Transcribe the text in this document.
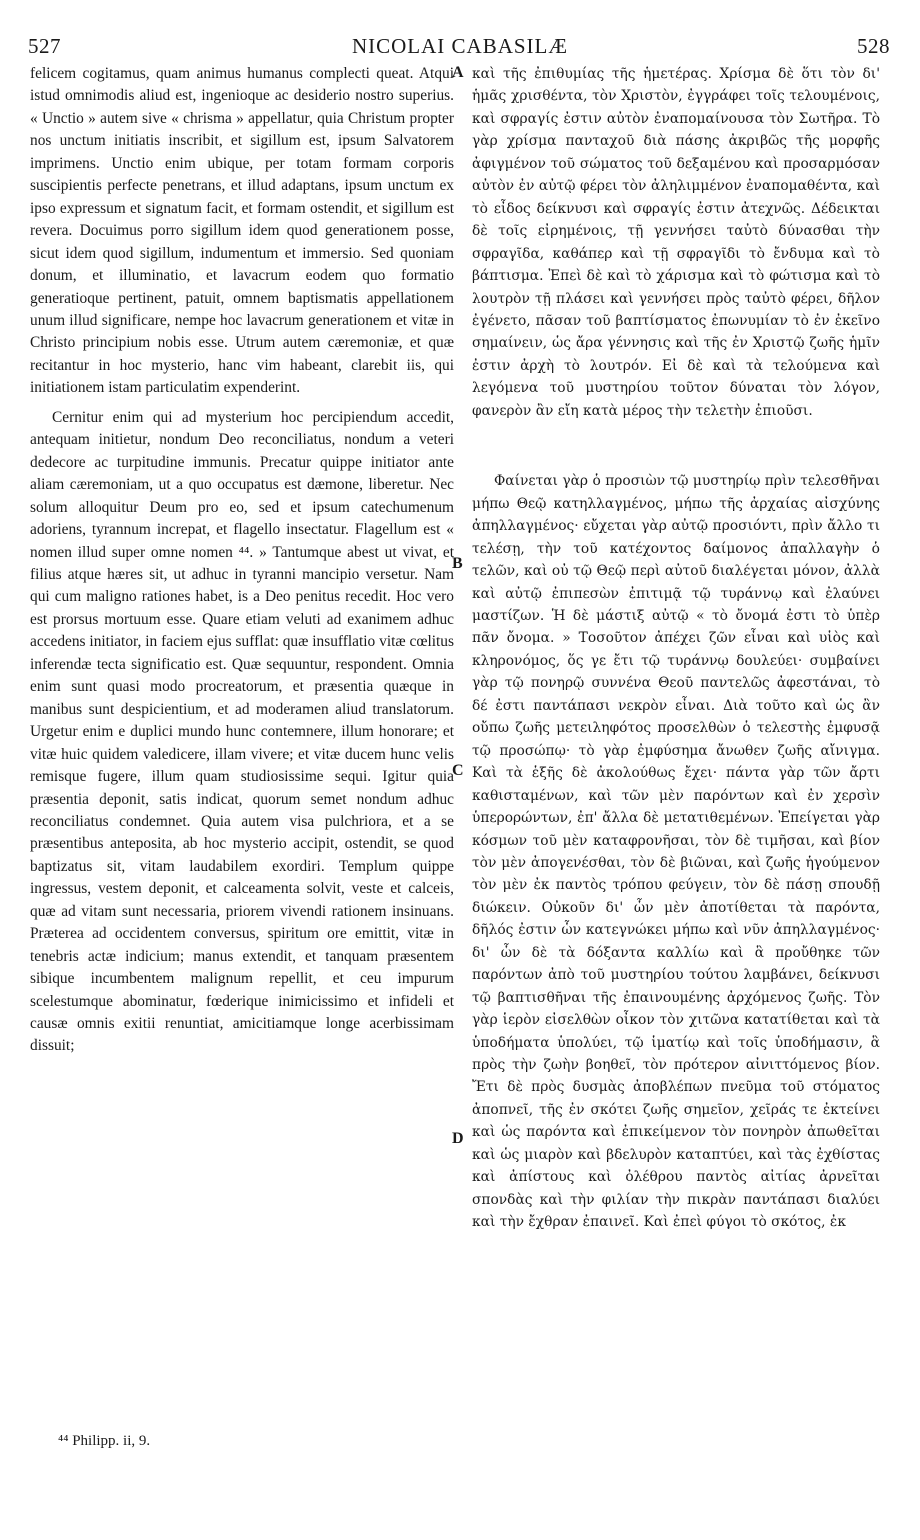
527	NICOLAI CABASILÆ	528

felicem cogitamus, quam animus humanus complecti queat. Atqui istud omnimodis aliud est, ingenioque ac desiderio nostro superius. « Unctio » autem sive « chrisma » appellatur, quia Christum propter nos unctum initiatis inscribit, et sigillum est, ipsum Salvatorem imprimens. Unctio enim ubique, per totam formam corporis suscipientis perfecte penetrans, et illud adaptans, ipsum unctum ex ipso expressum et signatum facit, et formam ostendit, et sigillum est revera. Docuimus porro sigillum idem quod generationem posse, sicut idem quod sigillum, indumentum et immersio. Sed quoniam donum, et illuminatio, et lavacrum eodem quo formatio generatioque pertinent, patuit, omnem baptismatis appellationem unum illud significare, nempe hoc lavacrum generationem et vitæ in Christo principium nobis esse. Utrum autem cæremoniæ, et quæ recitantur in hoc mysterio, hanc vim habeant, clarebit iis, qui initiationem istam particulatim expenderint.

Cernitur enim qui ad mysterium hoc percipiendum accedit, antequam initietur, nondum Deo reconciliatus, nondum a veteri dedecore ac turpitudine immunis. Precatur quippe initiator ante aliam cæremoniam, ut a quo occupatus est dæmone, liberetur. Nec solum alloquitur Deum pro eo, sed et ipsum catechumenum adoriens, tyrannum increpat, et flagello insectatur. Flagellum est « nomen illud super omne nomen ⁴⁴. » Tantumque abest ut vivat, et filius atque hæres sit, ut adhuc in tyranni mancipio versetur. Nam qui cum maligno rationes habet, is a Deo penitus recedit. Hoc vero est prorsus mortuum esse. Quare etiam veluti ad exanimem adhuc accedens initiator, in faciem ejus sufflat: quæ insufflatio vitæ cœlitus inferendæ tecta significatio est. Quæ sequuntur, respondent. Omnia enim sunt quasi modo procreatorum, et præsentia quæque in manibus sunt despicientium, et ad moderamen aliud translatorum. Urgetur enim e duplici mundo hunc contemnere, illum honorare; et vitæ huic quidem valedicere, illam vivere; et vitæ ducem hunc velis remisque fugere, illum quam studiosissime sequi. Igitur quia præsentia deponit, satis indicat, quorum semet nondum adhuc reconciliatus condemnet. Quia autem visa pulchriora, et a se præsentibus anteposita, ab hoc mysterio accipit, ostendit, se quod baptizatus sit, vitam laudabilem exordiri. Templum quippe ingressus, vestem deponit, et calceamenta solvit, veste et calceis, quæ ad vitam sunt necessaria, priorem vivendi rationem insinuans. Præterea ad occidentem conversus, spiritum ore emittit, vitæ in tenebris actæ indicium; manus extendit, et tanquam præsentem sibique incumbentem malignum repellit, et ceu impurum scelestumque abominatur, fœderique inimicissimo et infideli et causæ omnis exitii renuntiat, amicitiamque longe acerbissimam dissuit;

A
B
C
D

καὶ τῆς ἐπιθυμίας τῆς ἡμετέρας. Χρίσμα δὲ ὅτι τὸν δι' ἡμᾶς χρισθέντα, τὸν Χριστὸν, ἐγγράφει τοῖς τελουμένοις, καὶ σφραγίς ἐστιν αὐτὸν ἐναπομαίνουσα τὸν Σωτῆρα. Τὸ γὰρ χρίσμα πανταχοῦ διὰ πάσης ἀκριβῶς τῆς μορφῆς ἀφιγμένον τοῦ σώματος τοῦ δεξαμένου καὶ προσαρμόσαν αὐτὸν ἐν αὐτῷ φέρει τὸν ἀληλιμμένον ἐναπομαθέντα, καὶ τὸ εἶδος δείκνυσι καὶ σφραγίς ἐστιν ἀτεχνῶς. Δέδεικται δὲ τοῖς εἰρημένοις, τῇ γεννήσει ταὐτὸ δύνασθαι τὴν σφραγῖδα, καθάπερ καὶ τῇ σφραγῖδι τὸ ἔνδυμα καὶ τὸ βάπτισμα. Ἐπεὶ δὲ καὶ τὸ χάρισμα καὶ τὸ φώτισμα καὶ τὸ λουτρὸν τῇ πλάσει καὶ γεννήσει πρὸς ταὐτὸ φέρει, δῆλον ἐγένετο, πᾶσαν τοῦ βαπτίσματος ἐπωνυμίαν τὸ ἐν ἐκεῖνο σημαίνειν, ὡς ἄρα γέννησις καὶ τῆς ἐν Χριστῷ ζωῆς ἡμῖν ἐστιν ἀρχὴ τὸ λουτρόν. Εἰ δὲ καὶ τὰ τελούμενα καὶ λεγόμενα τοῦ μυστηρίου τοῦτον δύναται τὸν λόγον, φανερὸν ἂν εἴη κατὰ μέρος τὴν τελετὴν ἐπιοῦσι.

Φαίνεται γὰρ ὁ προσιὼν τῷ μυστηρίῳ πρὶν τελεσθῆναι μήπω Θεῷ κατηλλαγμένος, μήπω τῆς ἀρχαίας αἰσχύνης ἀπηλλαγμένος· εὔχεται γὰρ αὐτῷ προσιόντι, πρὶν ἄλλο τι τελέσῃ, τὴν τοῦ κατέχοντος δαίμονος ἀπαλλαγὴν ὁ τελῶν, καὶ οὐ τῷ Θεῷ περὶ αὐτοῦ διαλέγεται μόνον, ἀλλὰ καὶ αὐτῷ ἐπιπεσὼν ἐπιτιμᾷ τῷ τυράννῳ καὶ ἐλαύνει μαστίζων. Ἡ δὲ μάστιξ αὐτῷ « τὸ ὄνομά ἐστι τὸ ὑπὲρ πᾶν ὄνομα. » Τοσοῦτον ἀπέχει ζῶν εἶναι καὶ υἱὸς καὶ κληρονόμος, ὅς γε ἔτι τῷ τυράννῳ δουλεύει· συμβαίνει γὰρ τῷ πονηρῷ συννένα Θεοῦ παντελῶς ἀφεστάναι, τὸ δέ ἐστι παντάπασι νεκρὸν εἶναι. Διὰ τοῦτο καὶ ὡς ἂν οὔπω ζωῆς μετειληφότος προσελθὼν ὁ τελεστὴς ἐμφυσᾷ τῷ προσώπῳ· τὸ γὰρ ἐμφύσημα ἄνωθεν ζωῆς αἴνιγμα. Καὶ τὰ ἑξῆς δὲ ἀκολούθως ἔχει· πάντα γὰρ τῶν ἄρτι καθισταμένων, καὶ τῶν μὲν παρόντων καὶ ἐν χερσὶν ὑπερορώντων, ἐπ' ἄλλα δὲ μετατιθεμένων. Ἐπείγεται γὰρ κόσμων τοῦ μὲν καταφρονῆσαι, τὸν δὲ τιμῆσαι, καὶ βίον τὸν μὲν ἀπογενέσθαι, τὸν δὲ βιῶναι, καὶ ζωῆς ἡγούμενον τὸν μὲν ἐκ παντὸς τρόπου φεύγειν, τὸν δὲ πάσῃ σπουδῇ διώκειν. Οὐκοῦν δι' ὧν μὲν ἀποτίθεται τὰ παρόντα, δῆλός ἐστιν ὧν κατεγνώκει μήπω καὶ νῦν ἀπηλλαγμένος· δι' ὧν δὲ τὰ δόξαντα καλλίω καὶ ἃ προὔθηκε τῶν παρόντων ἀπὸ τοῦ μυστηρίου τούτου λαμβάνει, δείκνυσι τῷ βαπτισθῆναι τῆς ἐπαινουμένης ἀρχόμενος ζωῆς. Τὸν γὰρ ἱερὸν εἰσελθὼν οἶκον τὸν χιτῶνα κατατίθεται καὶ τὰ ὑποδήματα ὑπολύει, τῷ ἱματίῳ καὶ τοῖς ὑποδήμασιν, ἃ πρὸς τὴν ζωὴν βοηθεῖ, τὸν πρότερον αἰνιττόμενος βίον. Ἔτι δὲ πρὸς δυσμὰς ἀποβλέπων πνεῦμα τοῦ στόματος ἀποπνεῖ, τῆς ἐν σκότει ζωῆς σημεῖον, χεῖράς τε ἐκτείνει καὶ ὡς παρόντα καὶ ἐπικείμενον τὸν πονηρὸν ἀπωθεῖται καὶ ὡς μιαρὸν καὶ βδελυρὸν καταπτύει, καὶ τὰς ἐχθίστας καὶ ἀπίστους καὶ ὀλέθρου παντὸς αἰτίας ἀρνεῖται σπονδὰς καὶ τὴν φιλίαν τὴν πικρὰν παντάπασι διαλύει καὶ τὴν ἔχθραν ἐπαινεῖ. Καὶ ἐπεὶ φύγοι τὸ σκότος, ἐκ

⁴⁴ Philipp. ii, 9.
